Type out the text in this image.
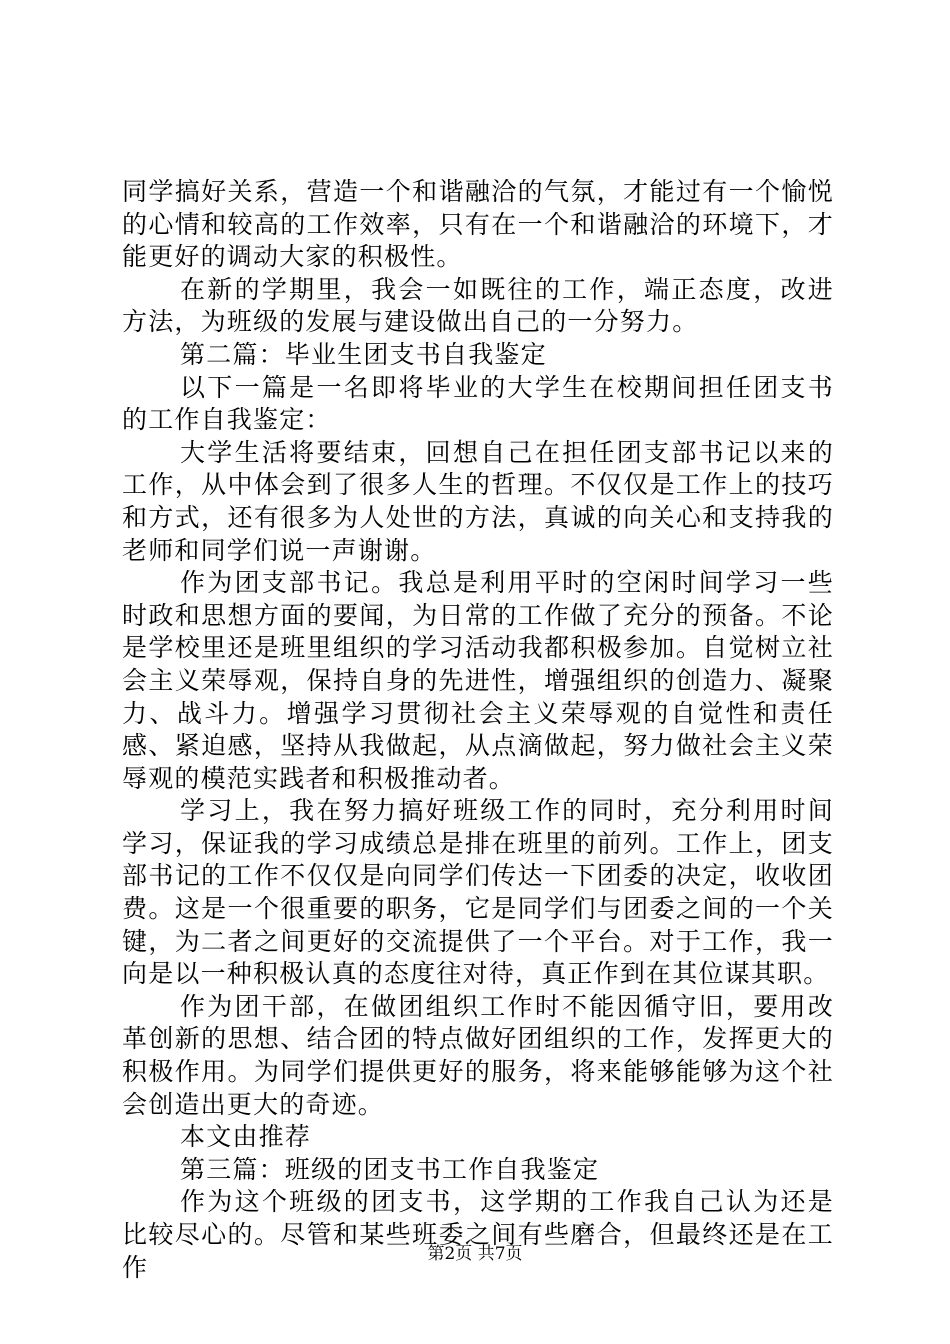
同学搞好关系，营造一个和谐融洽的气氛，才能过有一个愉悦的心情和较高的工作效率，只有在一个和谐融洽的环境下，才能更好的调动大家的积极性。

在新的学期里，我会一如既往的工作，端正态度，改进方法，为班级的发展与建设做出自己的一分努力。

第二篇：毕业生团支书自我鉴定

以下一篇是一名即将毕业的大学生在校期间担任团支书的工作自我鉴定：

大学生活将要结束，回想自己在担任团支部书记以来的工作，从中体会到了很多人生的哲理。不仅仅是工作上的技巧和方式，还有很多为人处世的方法，真诚的向关心和支持我的老师和同学们说一声谢谢。

作为团支部书记。我总是利用平时的空闲时间学习一些时政和思想方面的要闻，为日常的工作做了充分的预备。不论是学校里还是班里组织的学习活动我都积极参加。自觉树立社会主义荣辱观，保持自身的先进性，增强组织的创造力、凝聚力、战斗力。增强学习贯彻社会主义荣辱观的自觉性和责任感、紧迫感，坚持从我做起，从点滴做起，努力做社会主义荣辱观的模范实践者和积极推动者。

学习上，我在努力搞好班级工作的同时，充分利用时间学习，保证我的学习成绩总是排在班里的前列。工作上，团支部书记的工作不仅仅是向同学们传达一下团委的决定，收收团费。这是一个很重要的职务，它是同学们与团委之间的一个关键，为二者之间更好的交流提供了一个平台。对于工作，我一向是以一种积极认真的态度往对待，真正作到在其位谋其职。

作为团干部，在做团组织工作时不能因循守旧，要用改革创新的思想、结合团的特点做好团组织的工作，发挥更大的积极作用。为同学们提供更好的服务，将来能够能够为这个社会创造出更大的奇迹。

本文由推荐

第三篇：班级的团支书工作自我鉴定

作为这个班级的团支书，这学期的工作我自己认为还是比较尽心的。尽管和某些班委之间有些磨合，但最终还是在工作	第2页 共7页
